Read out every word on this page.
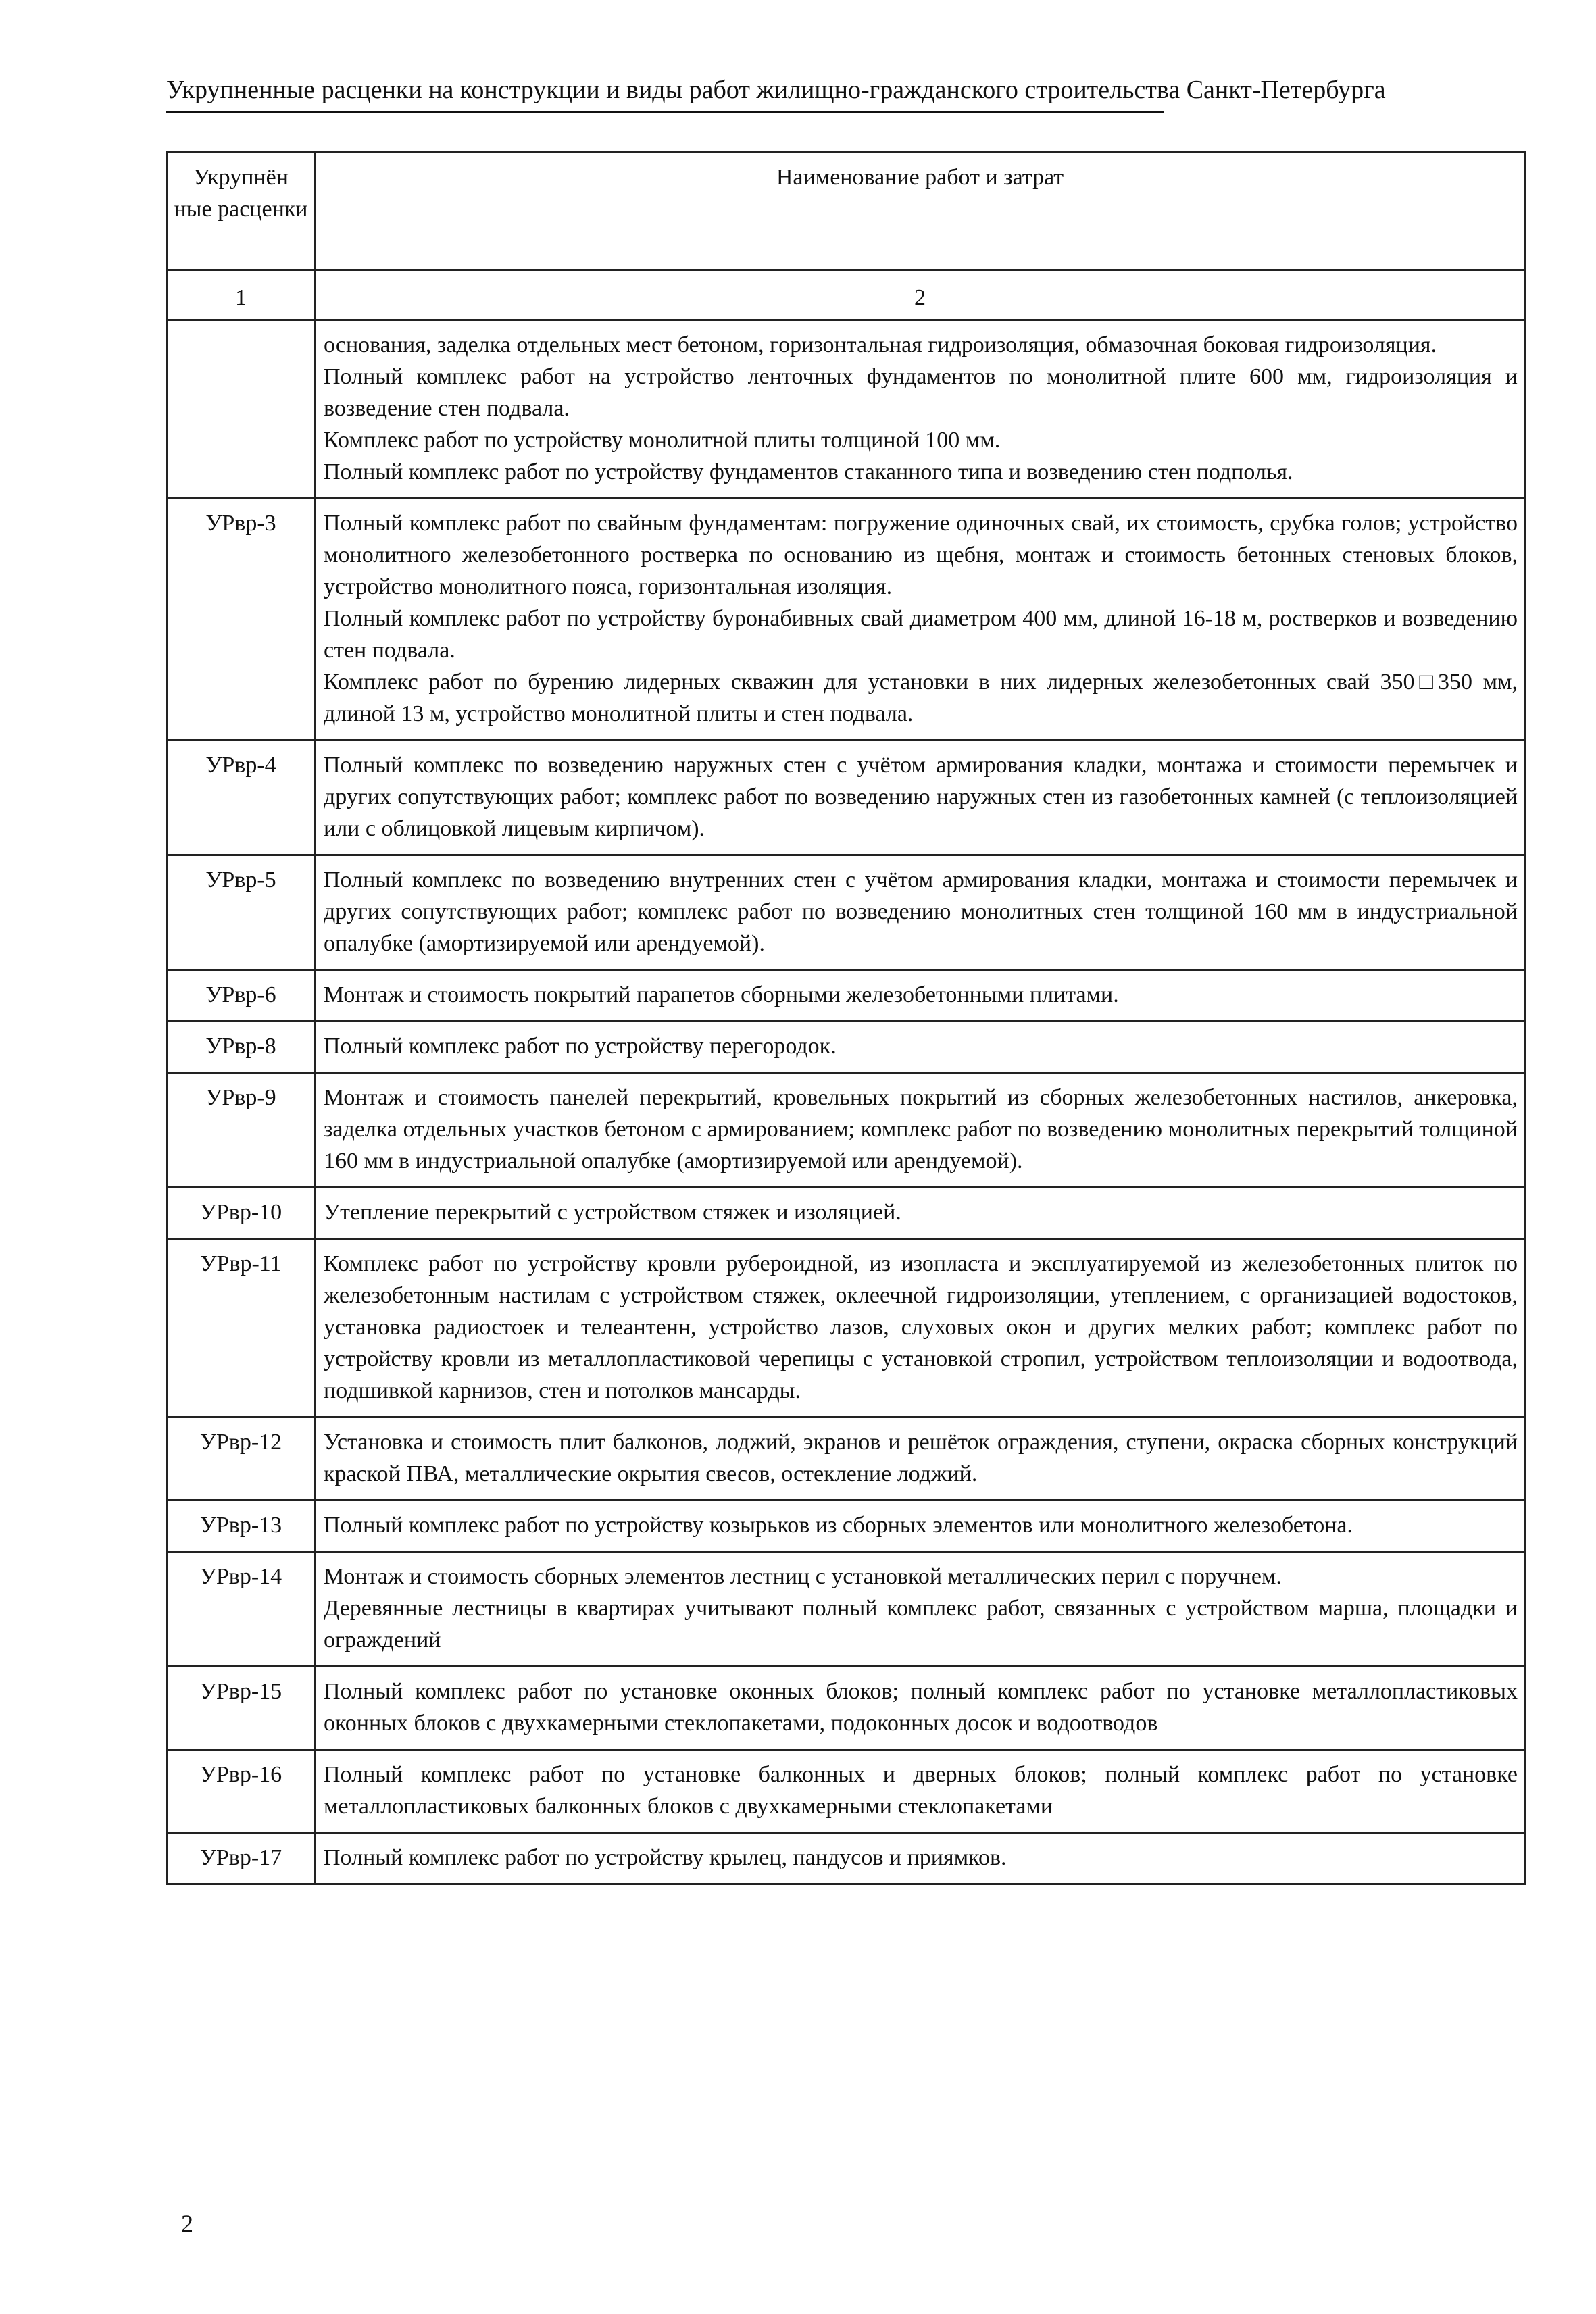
Укрупненные расценки на конструкции и виды работ жилищно-гражданского строительства Санкт-Петербурга
Укрупнён ные расценки	Наименование работ и затрат
1	2

	основания, заделка отдельных мест бетоном, горизонтальная гидроизоляция, обмазочная боковая гидроизоляция.

Полный комплекс работ на устройство ленточных фундаментов по монолитной плите 600 мм, гидроизоляция и возведение стен подвала.

Комплекс работ по устройству монолитной плиты толщиной 100 мм.

Полный комплекс работ по устройству фундаментов стаканного типа и возведению стен подполья.

УРвр-3	Полный комплекс работ по свайным фундаментам: погружение одиночных свай, их стоимость, срубка голов; устройство монолитного железобетонного ростверка по основанию из щебня, монтаж и стоимость бетонных стеновых блоков, устройство монолитного пояса, горизонтальная изоляция.

Полный комплекс работ по устройству буронабивных свай диаметром 400 мм, длиной 16-18 м, ростверков и возведению стен подвала.

Комплекс работ по бурению лидерных скважин для установки в них лидерных железобетонных свай 350□350 мм, длиной 13 м, устройство монолитной плиты и стен подвала.

УРвр-4	Полный комплекс по возведению наружных стен с учётом армирования кладки, монтажа и стоимости перемычек и других сопутствующих работ; комплекс работ по возведению наружных стен из газобетонных камней (с теплоизоляцией или с облицовкой лицевым кирпичом).

УРвр-5	Полный комплекс по возведению внутренних стен с учётом армирования кладки, монтажа и стоимости перемычек и других сопутствующих работ; комплекс работ по возведению монолитных стен толщиной 160 мм в индустриальной опалубке (амортизируемой или арендуемой).

УРвр-6	Монтаж и стоимость покрытий парапетов сборными железобетонными плитами.

УРвр-8	Полный комплекс работ по устройству перегородок.

УРвр-9	Монтаж и стоимость панелей перекрытий, кровельных покрытий из сборных железобетонных настилов, анкеровка, заделка отдельных участков бетоном с армированием; комплекс работ по возведению монолитных перекрытий толщиной 160 мм в индустриальной опалубке (амортизируемой или арендуемой).

УРвр-10	Утепление перекрытий с устройством стяжек и изоляцией.

УРвр-11	Комплекс работ по устройству кровли рубероидной, из изопласта и эксплуатируемой из железобетонных плиток по железобетонным настилам с устройством стяжек, оклеечной гидроизоляции, утеплением, с организацией водостоков, установка радиостоек и телеантенн, устройство лазов, слуховых окон и других мелких работ; комплекс работ по устройству кровли из металлопластиковой черепицы с установкой стропил, устройством теплоизоляции и водоотвода, подшивкой карнизов, стен и потолков мансарды.

УРвр-12	Установка и стоимость плит балконов, лоджий, экранов и решёток ограждения, ступени, окраска сборных конструкций краской ПВА, металлические окрытия свесов, остекление лоджий.

УРвр-13	Полный комплекс работ по устройству козырьков из сборных элементов или монолитного железобетона.

УРвр-14	Монтаж и стоимость сборных элементов лестниц с установкой металлических перил с поручнем.

Деревянные лестницы в квартирах учитывают полный комплекс работ, связанных с устройством марша, площадки и ограждений

УРвр-15	Полный комплекс работ по установке оконных блоков; полный комплекс работ по установке металлопластиковых оконных блоков с двухкамерными стеклопакетами, подоконных досок и водоотводов

УРвр-16	Полный комплекс работ по установке балконных и дверных блоков; полный комплекс работ по установке металлопластиковых балконных блоков с двухкамерными стеклопакетами

УРвр-17	Полный комплекс работ по устройству крылец, пандусов и приямков.

2
